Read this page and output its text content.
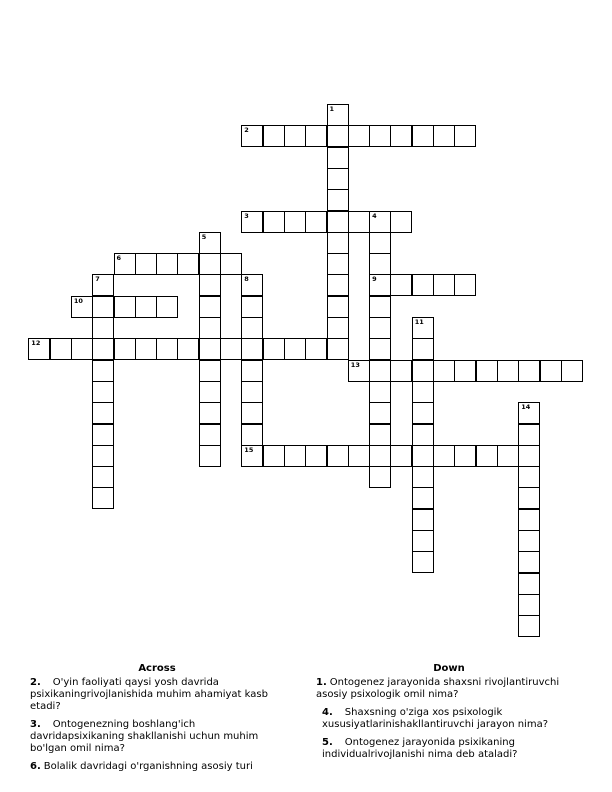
1
2
3	4
9
5
6
7	8
15
10
11
12
13
14
Across
2. O'yin faoliyati qaysi yosh davrida psixikaningrivojlanishida muhim ahamiyat kasb etadi?
3. Ontogenezning boshlang'ich davridapsixikaning shakllanishi uchun muhim bo'lgan omil nima?
6. Bolalik davridagi o'rganishning asosiy turi
Down
1. Ontogenez jarayonida shaxsni rivojlantiruvchi asosiy psixologik omil nima?
4. Shaxsning o'ziga xos psixologik xususiyatlarinishakllantiruvchi jarayon nima?
5. Ontogenez jarayonida psixikaning individualrivojlanishi nima deb ataladi?
